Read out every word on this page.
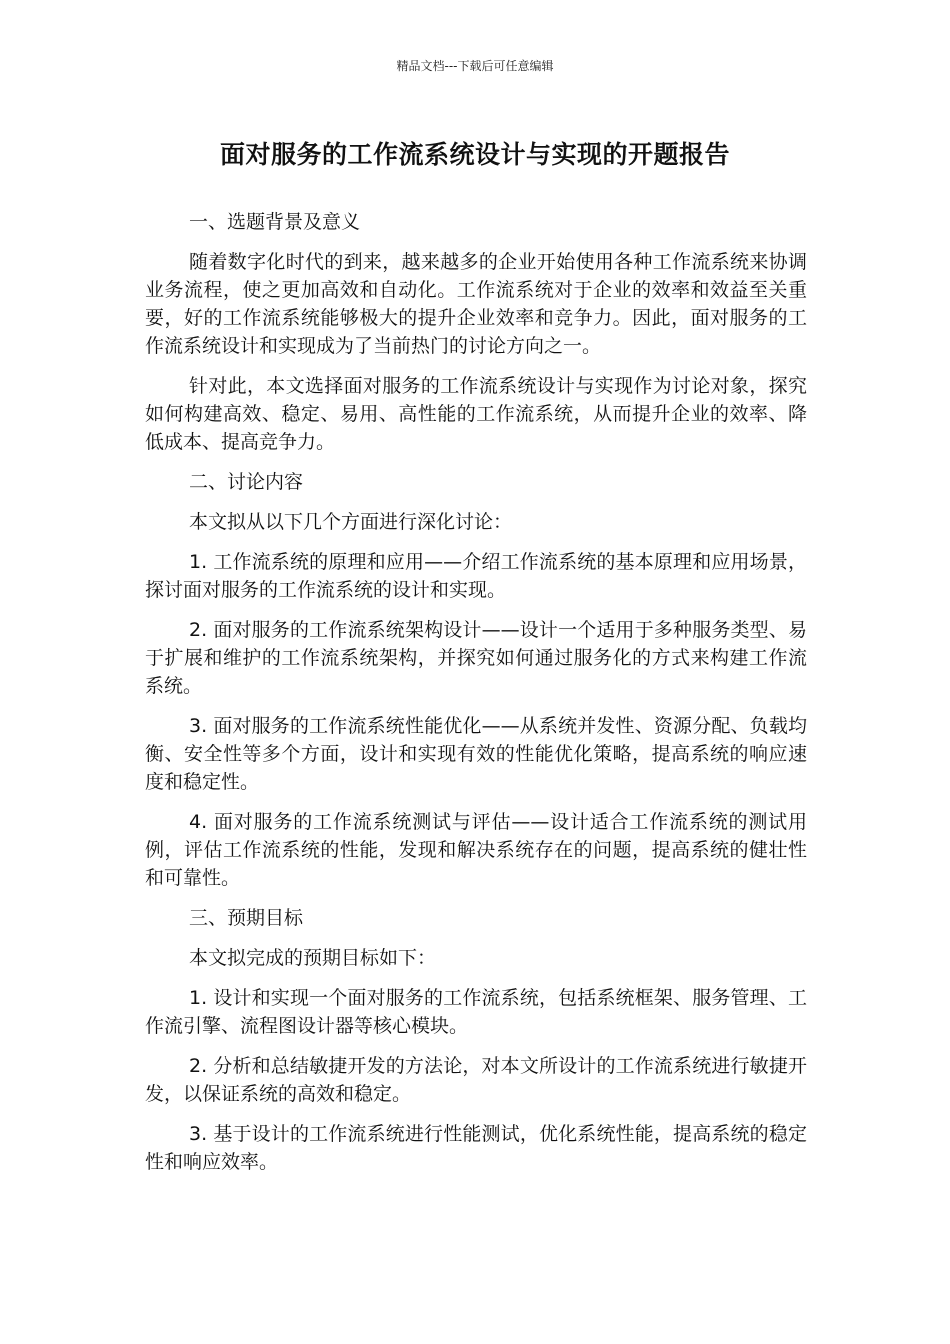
精品文档---下载后可任意编辑
面对服务的工作流系统设计与实现的开题报告

一、选题背景及意义

随着数字化时代的到来，越来越多的企业开始使用各种工作流系统来协调业务流程，使之更加高效和自动化。工作流系统对于企业的效率和效益至关重要，好的工作流系统能够极大的提升企业效率和竞争力。因此，面对服务的工作流系统设计和实现成为了当前热门的讨论方向之一。

针对此，本文选择面对服务的工作流系统设计与实现作为讨论对象，探究如何构建高效、稳定、易用、高性能的工作流系统，从而提升企业的效率、降低成本、提高竞争力。

二、讨论内容

本文拟从以下几个方面进行深化讨论：

1. 工作流系统的原理和应用——介绍工作流系统的基本原理和应用场景，探讨面对服务的工作流系统的设计和实现。

2. 面对服务的工作流系统架构设计——设计一个适用于多种服务类型、易于扩展和维护的工作流系统架构，并探究如何通过服务化的方式来构建工作流系统。

3. 面对服务的工作流系统性能优化——从系统并发性、资源分配、负载均衡、安全性等多个方面，设计和实现有效的性能优化策略，提高系统的响应速度和稳定性。

4. 面对服务的工作流系统测试与评估——设计适合工作流系统的测试用例，评估工作流系统的性能，发现和解决系统存在的问题，提高系统的健壮性和可靠性。

三、预期目标

本文拟完成的预期目标如下：

1. 设计和实现一个面对服务的工作流系统，包括系统框架、服务管理、工作流引擎、流程图设计器等核心模块。

2. 分析和总结敏捷开发的方法论，对本文所设计的工作流系统进行敏捷开发，以保证系统的高效和稳定。

3. 基于设计的工作流系统进行性能测试，优化系统性能，提高系统的稳定性和响应效率。
